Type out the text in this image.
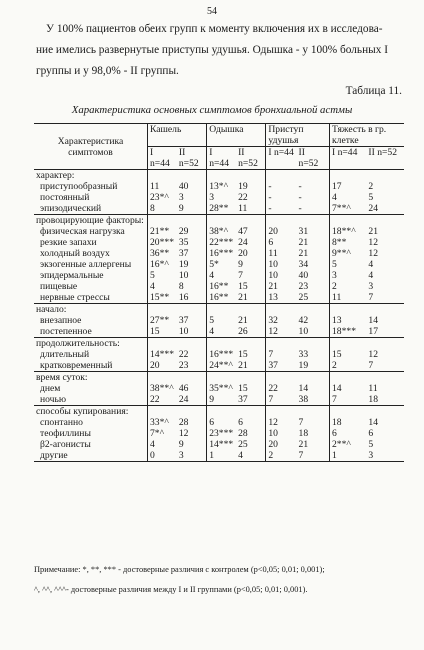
54
У 100% пациентов обеих групп к моменту включения их в исследова-
ние имелись развернутые приступы удушья. Одышка - у 100% больных I
группы и у 98,0% - II группы.
Таблица 11.
Характеристика основных симптомов бронхиальной астмы
Характеристика симптомов	Кашель		Одышка		Приступ удушья		Тяжесть в гр. клетке	
	I n=44	II n=52	I n=44	II n=52	I n=44	II n=52	I n=44	II n=52
характер:								
приступообразный	11	40	13*^	19	-	-	17	2
постоянный	23*^	3	3	22	-	-	4	5
эпизодический	8	9	28**	11	-	-	7**^	24
провоцирующие факторы:								
физическая нагрузка	21**	29	38*^	47	20	31	18**^	21
резкие запахи	20***	35	22***	24	6	21	8**	12
холодный воздух	36**	37	16***	20	11	21	9**^	12
экзогенные аллергены	16*^	19	5*	9	10	34	5	4
эпидермальные	5	10	4	7	10	40	3	4
пищевые	4	8	16**	15	21	23	2	3
нервные стрессы	15**	16	16**	21	13	25	11	7
начало:								
внезапное	27**	37	5	21	32	42	13	14
постепенное	15	10	4	26	12	10	18***	17
продолжительность:								
длительный	14***	22	16***	15	7	33	15	12
кратковременный	20	23	24**^	21	37	19	2	7
время суток:								
днем	38**^	46	35**^	15	22	14	14	11
ночью	22	24	9	37	7	38	7	18
способы купирования:								
спонтанно	33*^	28	6	6	12	7	18	14
теофиллины	7*^	12	23***	28	10	18	6	6
β2-агонисты	4	9	14***	25	20	21	2**^	5
другие	0	3	1	4	2	7	1	3
Примечание: *, **, *** - достоверные различия с контролем (р<0,05; 0,01; 0,001);
^, ^^, ^^^- достоверные различия между I и II группами (р<0,05; 0,01; 0,001).
